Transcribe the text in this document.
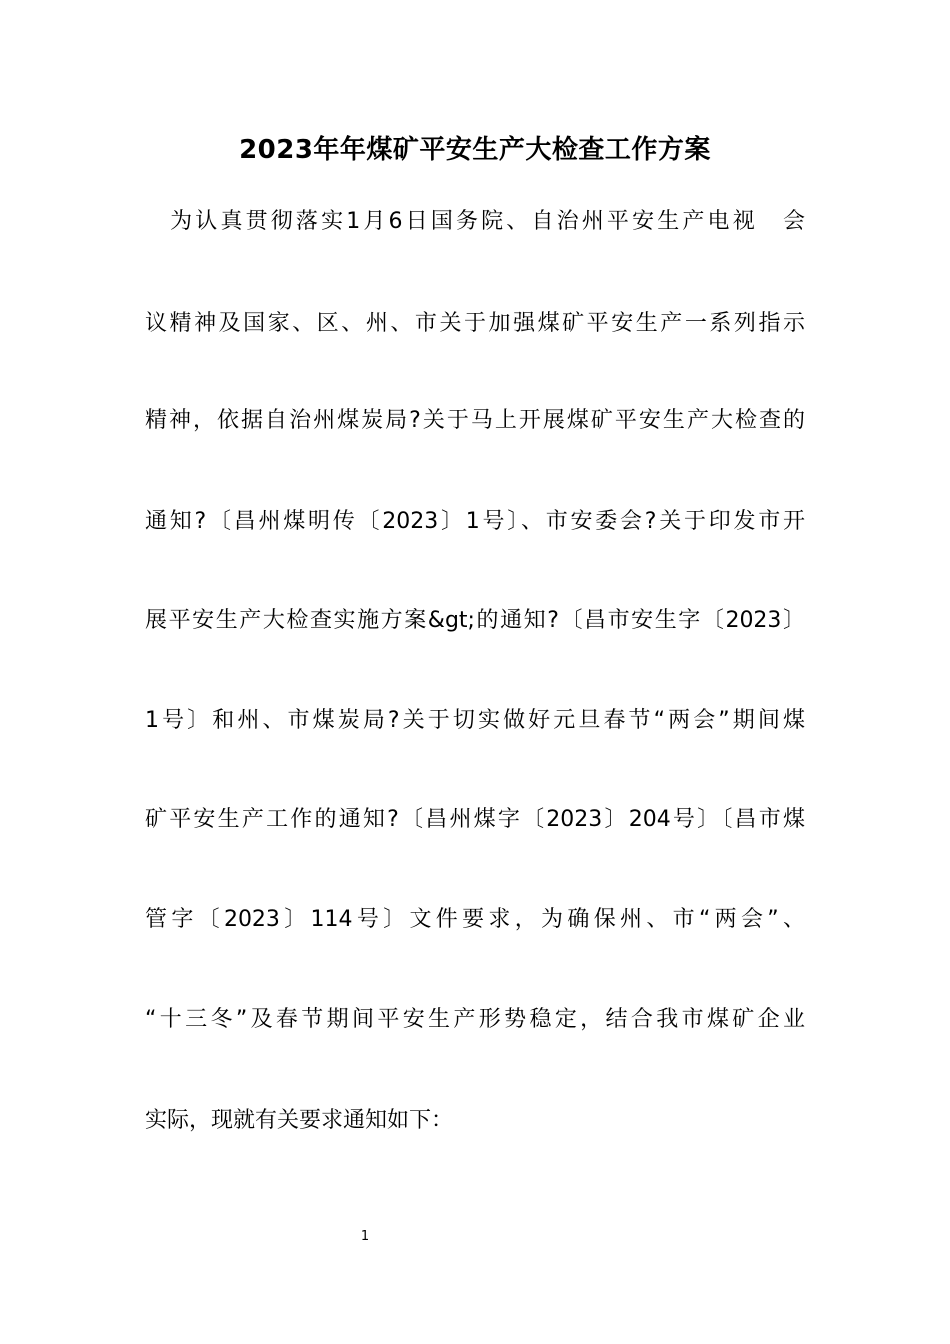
2023年年煤矿平安生产大检查工作方案
　为认真贯彻落实1月6日国务院、自治州平安生产电视　会
议精神及国家、区、州、市关于加强煤矿平安生产一系列指示
精神，依据自治州煤炭局?关于马上开展煤矿平安生产大检查的
通知?〔昌州煤明传〔2023〕1号〕、市安委会?关于印发市开
展平安生产大检查实施方案&gt;的通知?〔昌市安生字〔2023〕
1号〕和州、市煤炭局?关于切实做好元旦春节“两会”期间煤
矿平安生产工作的通知?〔昌州煤字〔2023〕204号〕〔昌市煤
管字〔2023〕114号〕文件要求，为确保州、市“两会”、
“十三冬”及春节期间平安生产形势稳定，结合我市煤矿企业
实际，现就有关要求通知如下：
1
